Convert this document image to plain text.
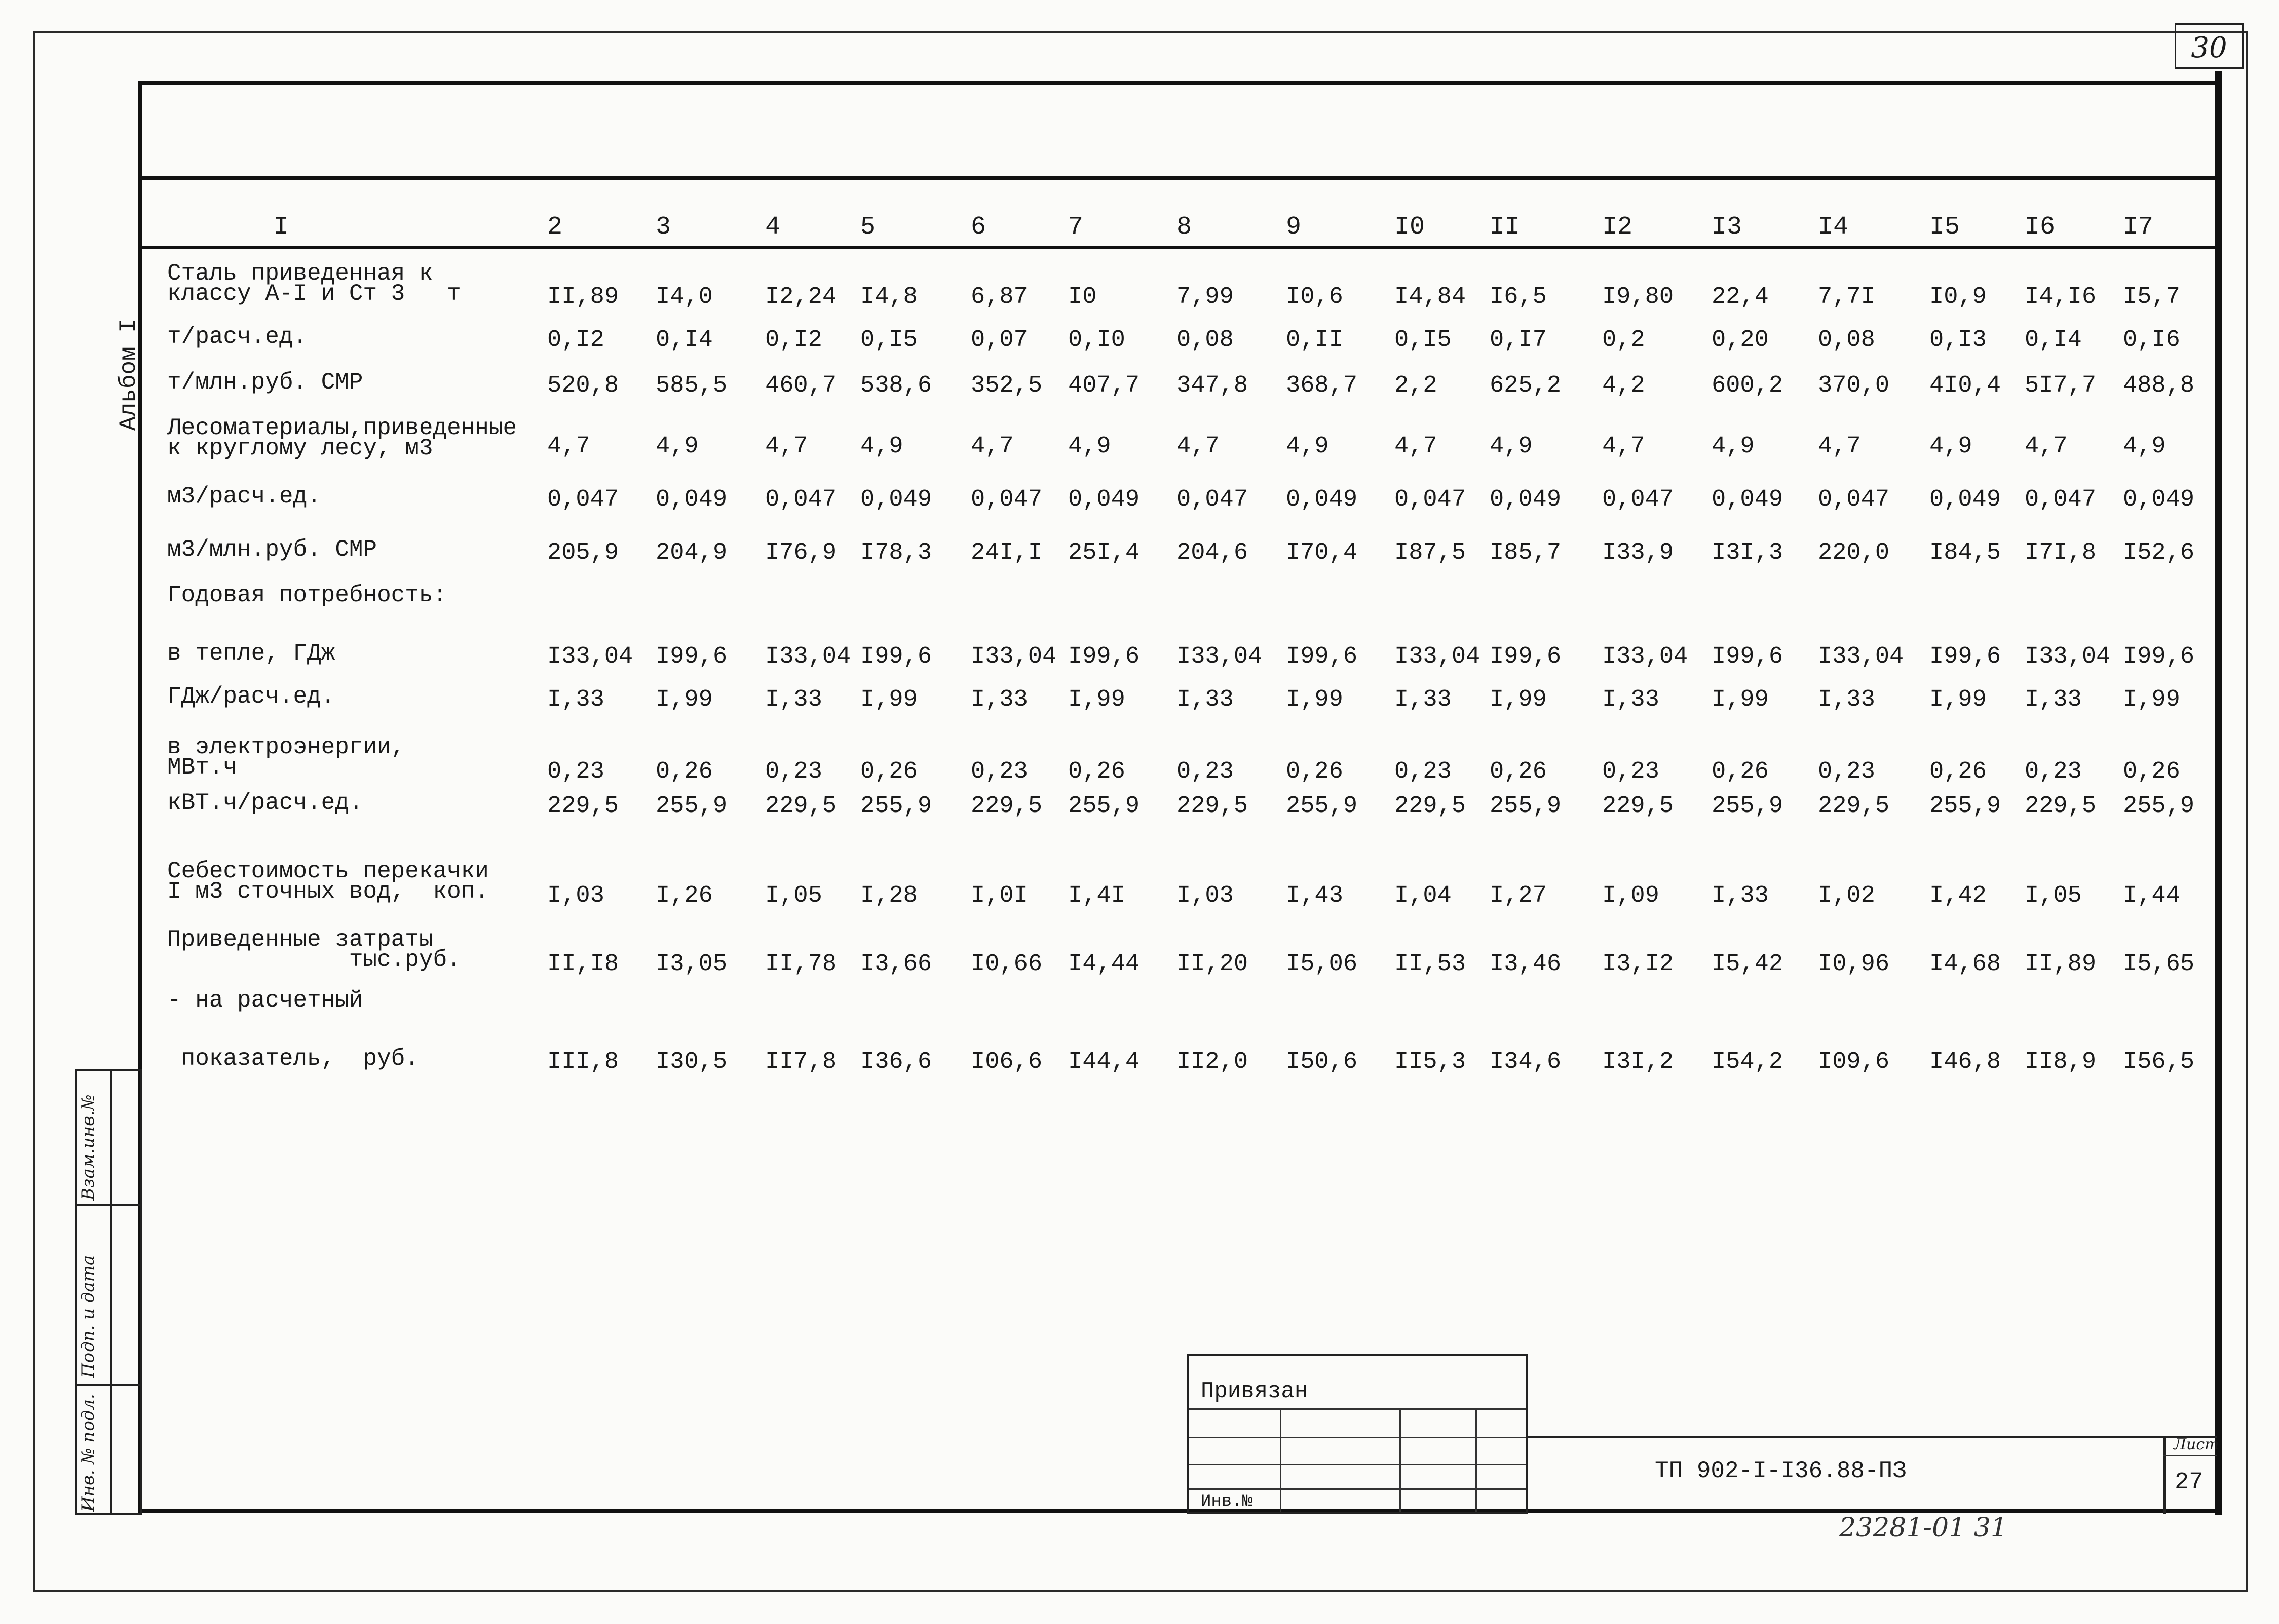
30
Альбом I
I	2	3	4	5	6	7	8	9	I0	II	I2	I3	I4	I5	I6	I7
Сталь приведенная к
классу А-I и Ст 3   т	II,89 I4,0 I2,24 I4,8 6,87 I0	7,99 I0,6 I4,84 I6,5 I9,80 22,4 7,7I I0,9 I4,I6 I5,7
т/расч.ед.	0,I2 0,I4 0,I2 0,I5 0,07 0,I0 0,08 0,II 0,I5 0,I7 0,2	0,20 0,08 0,I3 0,I4 0,I6
т/млн.руб. СМР	520,8 585,5 460,7 538,6 352,5 407,7 347,8 368,7 2,2 625,2 4,2	600,2 370,0 4I0,4 5I7,7 488,8
Лесоматериалы,приведенные
к круглому лесу, м3	4,7	4,9	4,7 4,9	4,7 4,9	4,7	4,9	4,7 4,9	4,7	4,9	4,7	4,9 4,7 4,9
м3/расч.ед.	0,047 0,049 0,047 0,049 0,047 0,049 0,047 0,049 0,047 0,049 0,047 0,049 0,047 0,049 0,047 0,049
м3/млн.руб. СМР	205,9 204,9 I76,9 I78,3 24I,I 25I,4 204,6 I70,4 I87,5 I85,7 I33,9 I3I,3 220,0 I84,5 I7I,8 I52,6
Годовая потребность:
в тепле, ГДж	I33,04 I99,6 I33,04 I99,6 I33,04 I99,6 I33,04 I99,6 I33,04 I99,6 I33,04 I99,6 I33,04 I99,6 I33,04 I99,6
ГДж/расч.ед.	I,33 I,99 I,33 I,99 I,33 I,99 I,33 I,99 I,33 I,99 I,33 I,99 I,33 I,99 I,33 I,99
в электроэнергии,
МВт.ч	0,23 0,26 0,23 0,26 0,23 0,26 0,23 0,26 0,23 0,26 0,23 0,26 0,23 0,26 0,23 0,26
кВТ.ч/расч.ед.	229,5 255,9 229,5 255,9 229,5 255,9 229,5 255,9 229,5 255,9 229,5 255,9 229,5 255,9 229,5 255,9
Себестоимость перекачки
I м3 сточных вод,  коп. I,03 I,26 I,05 I,28 I,0I I,4I I,03 I,43 I,04 I,27 I,09 I,33 I,02 I,42 I,05 I,44
Приведенные затраты
тыс.руб.	II,I8 I3,05 II,78 I3,66 I0,66 I4,44 II,20 I5,06 II,53 I3,46 I3,I2 I5,42 I0,96 I4,68 II,89 I5,65
- на расчетный
показатель,  руб.	III,8 I30,5 II7,8 I36,6 I06,6 I44,4 II2,0 I50,6 II5,3 I34,6 I3I,2 I54,2 I09,6 I46,8 II8,9 I56,5
Взам.инв.№
Подп. и дата
Инв. № подл.
Привязан
Инв.№
ТП 902-I-I36.88-ПЗ
Лист
27
23281-01 31
